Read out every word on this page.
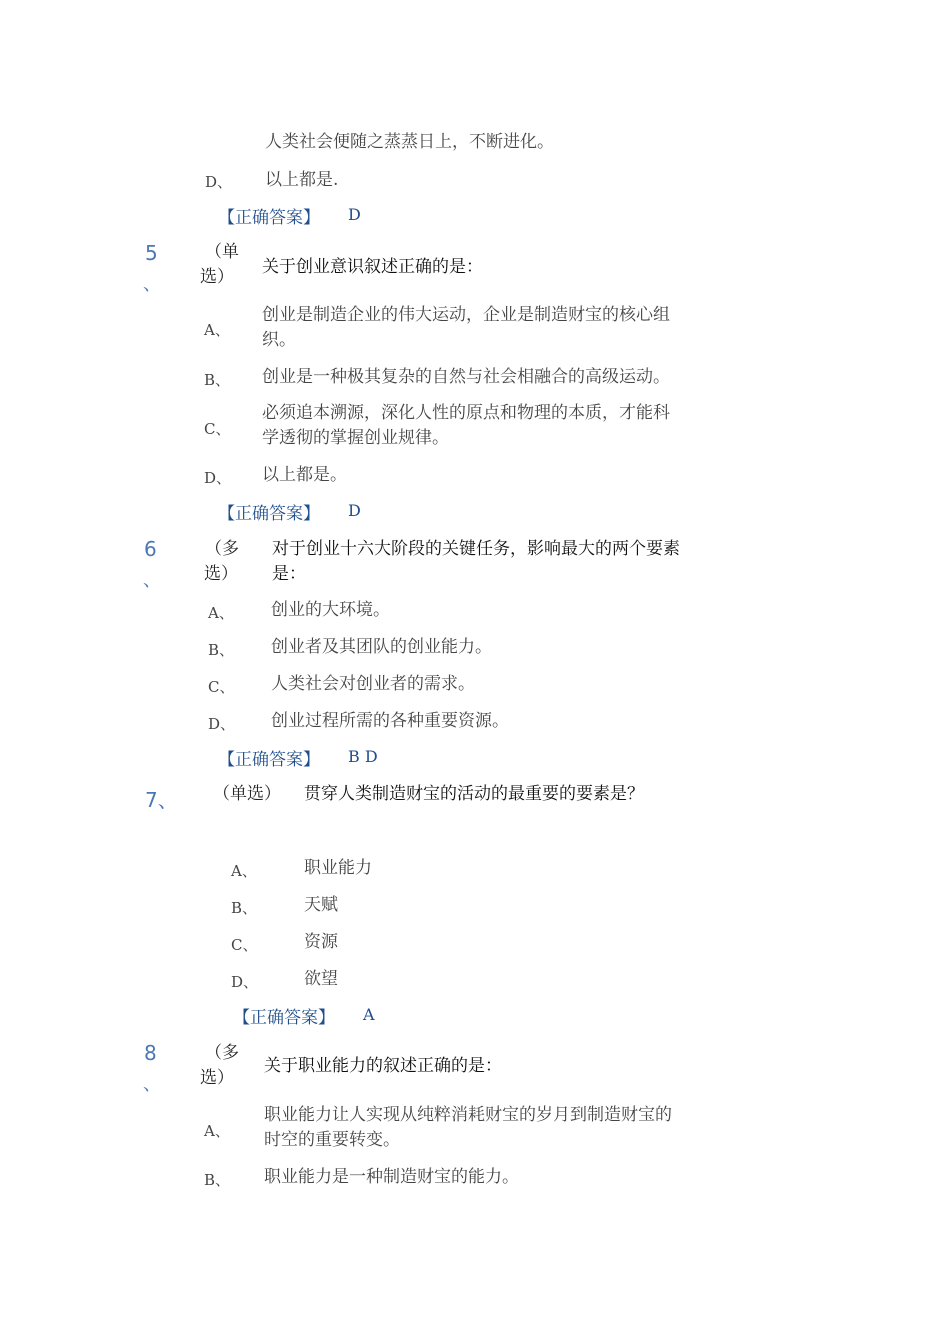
人类社会便随之蒸蒸日上，不断进化。
D、 以上都是.
【正确答案】 D
5
、
（单
选） 关于创业意识叙述正确的是：
A、
创业是制造企业的伟大运动，企业是制造财宝的核心组
织。
B、 创业是一种极其复杂的自然与社会相融合的高级运动。
C、
必须追本溯源，深化人性的原点和物理的本质，才能科
学透彻的掌握创业规律。
D、 以上都是。
【正确答案】 D
6
、
（多
选）
对于创业十六大阶段的关键任务，影响最大的两个要素
是：
A、 创业的大环境。
B、 创业者及其团队的创业能力。
C、 人类社会对创业者的需求。
D、 创业过程所需的各种重要资源。
【正确答案】 B D
7、 （单选） 贯穿人类制造财宝的活动的最重要的要素是？
A、	职业能力
B、	天赋
C、	资源
D、	欲望
【正确答案】 A
8
、
（多
选）
关于职业能力的叙述正确的是：
A、
职业能力让人实现从纯粹消耗财宝的岁月到制造财宝的
时空的重要转变。
B、 职业能力是一种制造财宝的能力。
